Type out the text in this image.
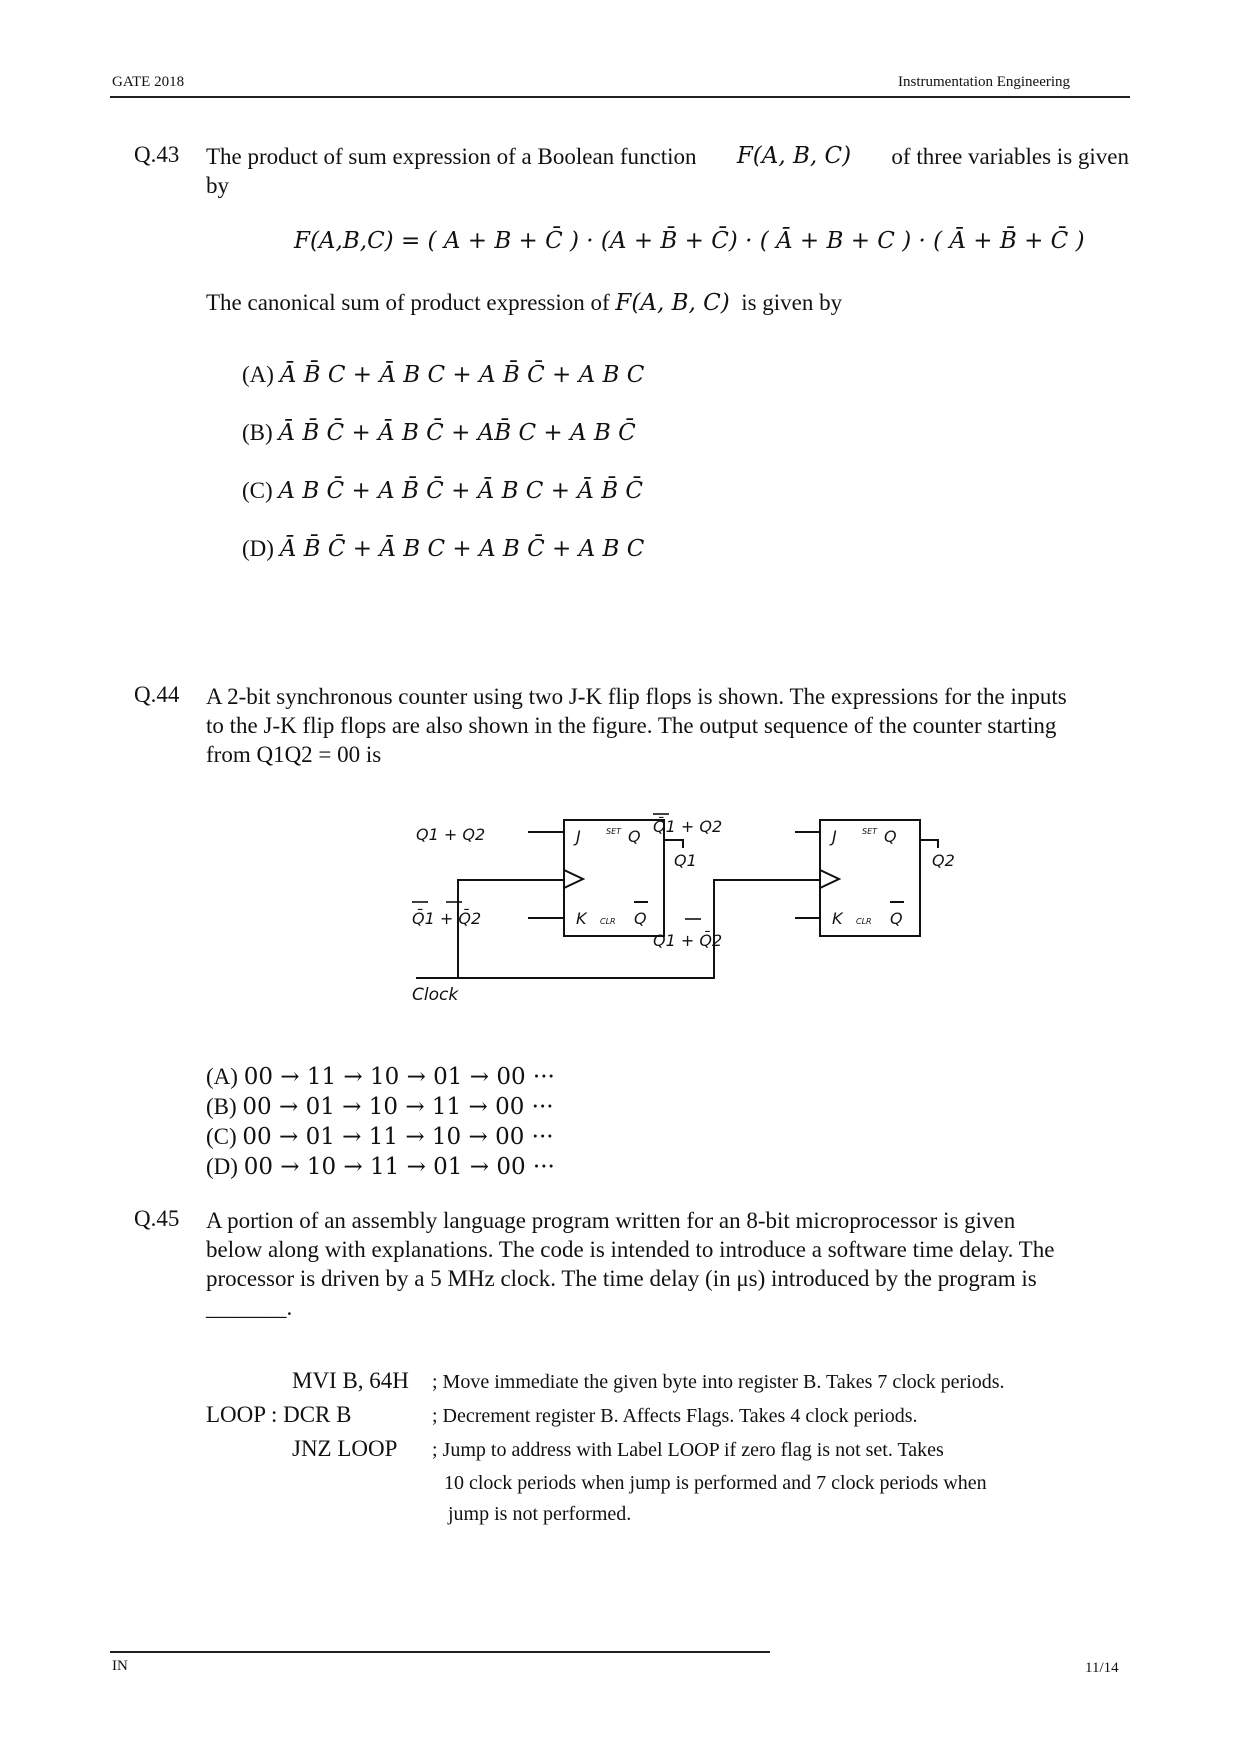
GATE 2018	Instrumentation Engineering
Q.43 The product of sum expression of a Boolean function F(A, B, C) of three variables is given
by
F(A,B,C) = ( A + B + C̄ ) · (A + B̄ + C̄) · ( Ā + B + C ) · ( Ā + B̄ + C̄ )
The canonical sum of product expression of F(A, B, C)  is given by
(A) Ā B̄ C + Ā B C + A B̄ C̄ + A B C
(B) Ā B̄ C̄ + Ā B C̄ + AB̄ C + A B C̄
(C) A B C̄ + A B̄ C̄ + Ā B C + Ā B̄ C̄
(D) Ā B̄ C̄ + Ā B C + A B C̄ + A B C
Q.44 A 2-bit synchronous counter using two J-K flip flops is shown. The expressions for the inputs
to the J-K flip flops are also shown in the figure. The output sequence of the counter starting
from Q1Q2 = 00 is
Q1 + Q2
Q̄1 + Q̄2
J	Q
K	Q
SET
CLR
Q1
Q̄1 + Q2
Q1 + Q̄2
J	Q
K	Q
SET
CLR
Q2
Clock
(A) 00 → 11 → 10 → 01 → 00 ···
(B) 00 → 01 → 10 → 11 → 00 ···
(C) 00 → 01 → 11 → 10 → 00 ···
(D) 00 → 10 → 11 → 01 → 00 ···
Q.45 A portion of an assembly language program written for an 8-bit microprocessor is given
below along with explanations. The code is intended to introduce a software time delay. The
processor is driven by a 5 MHz clock. The time delay (in μs) introduced by the program is
_______.
MVI B, 64H ; Move immediate the given byte into register B. Takes 7 clock periods.
LOOP : DCR B	; Decrement register B. Affects Flags. Takes 4 clock periods.
JNZ LOOP ; Jump to address with Label LOOP if zero flag is not set. Takes
10 clock periods when jump is performed and 7 clock periods when
jump is not performed.
IN	11/14
